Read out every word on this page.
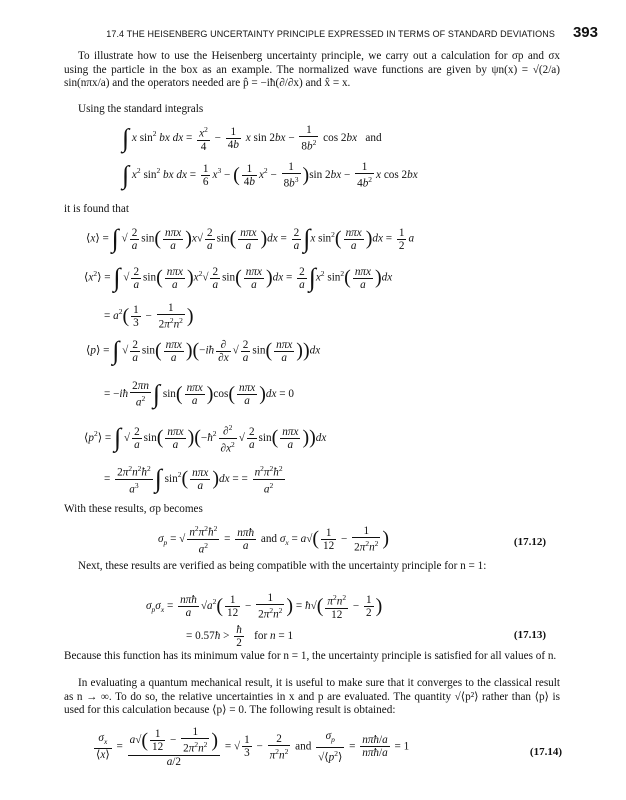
17.4 THE HEISENBERG UNCERTAINTY PRINCIPLE EXPRESSED IN TERMS OF STANDARD DEVIATIONS 393
To illustrate how to use the Heisenberg uncertainty principle, we carry out a calculation for σp and σx using the particle in the box as an example. The normalized wave functions are given by ψn(x) = √(2/a) sin(nπx/a) and the operators needed are p̂ = −iħ(∂/∂x) and x̂ = x.
Using the standard integrals
∫ x $\sin^2$ bx dx = $\frac{x^2}{4} - \frac{1}{4b}$ x $\sin 2bx - \frac{1}{8b^2}$ cos 2bx   and
∫ $x^2$ $\sin^2$ bx dx = $\frac{1}{6} x^3$ − ( $\frac{1}{4b} x^2 - \frac{1}{8b^3} )\sin$ $2bx - \frac{1}{4b^2}$ x cos 2bx
it is found that
⟨x⟩ = ∫ √ $\frac{2}{a} \sin( \frac{\text{nπx}}{a} )x√ \frac{2}{a} \sin( \frac{\text{nπx}}{a} )dx = \frac{2}{a} \int x$ $\sin^2( \frac{\text{nπx}}{a} )dx = \frac{1}{2}$ a
$⟨x^2⟩$ = ∫ √ $\frac{2}{a} \sin( \frac{\text{nπx}}{a} )x^2√ \frac{2}{a} \sin( \frac{\text{nπx}}{a} )dx = \frac{2}{a} \int x^2$ $\sin^2( \frac{\text{nπx}}{a} )dx$
= $a^2( \frac{1}{3} - \frac{1}{2\pi^2n^2}$ )
⟨p⟩ = ∫ √ $\frac{2}{a} \sin( \frac{\text{nπx}}{a}$ )(−iħ $\frac{\partial}{\partial x}$ √ $\frac{2}{a} \sin( \frac{\text{nπx}}{a} ))dx$
= −iħ $\frac{2\pi n}{a^2}$ ∫ $\sin( \frac{\text{nπx}}{a} )\cos( \frac{\text{nπx}}{a} )dx = 0$
$⟨p^2⟩$ = ∫ √ $\frac{2}{a} \sin( \frac{\text{nπx}}{a}$ )($-ħ^2 \frac{\partial^2}{\partial x^2}$ √ $\frac{2}{a} \sin( \frac{\text{nπx}}{a} ))dx$
= $\frac{2\pi^2n^2ħ^2}{a^3}$ ∫ $\sin^2( \frac{\text{nπx}}{a} )dx$ = = $\frac{n^2\pi^2ħ^2}{a^2}$
With these results, σp becomes
$\sigma_p$ = √ $\frac{n^2\pi^2ħ^2}{a^2} = \frac{\text{nπħ}}{a}$ and $\sigma_x = a√( \frac{1}{12} - \frac{1}{2\pi^2n^2}$ )	(17.12)
Next, these results are verified as being compatible with the uncertainty principle for n = 1:
$\sigma_p\sigma_x = \frac{\text{nπħ}}{a} √a^2( \frac{1}{12} - \frac{1}{2\pi^2n^2}$ ) = ħ√( $\frac{\pi^2n^2}{12} - \frac{1}{2}$ )
= 0.57ħ > $\frac{ħ}{2}$ for n = 1	(17.13)
Because this function has its minimum value for n = 1, the uncertainty principle is satisfied for all values of n.
In evaluating a quantum mechanical result, it is useful to make sure that it converges to the classical result as n → ∞. To do so, the relative uncertainties in x and p are evaluated. The quantity √⟨p²⟩ rather than ⟨p⟩ is used for this calculation because ⟨p⟩ = 0. The following result is obtained:
$\frac{\sigma_x}{⟨x⟩} = \frac{a√( \frac{1}{12} - \frac{1}{2\pi^2n^2} )}{a/2}$ = √ $\frac{1}{3} - \frac{2}{\pi^2n^2}$ and $\frac{\sigma_p}{√⟨p^2⟩} = \frac{\text{nπħ/a}}{\text{nπħ/a}} = 1$	(17.14)
